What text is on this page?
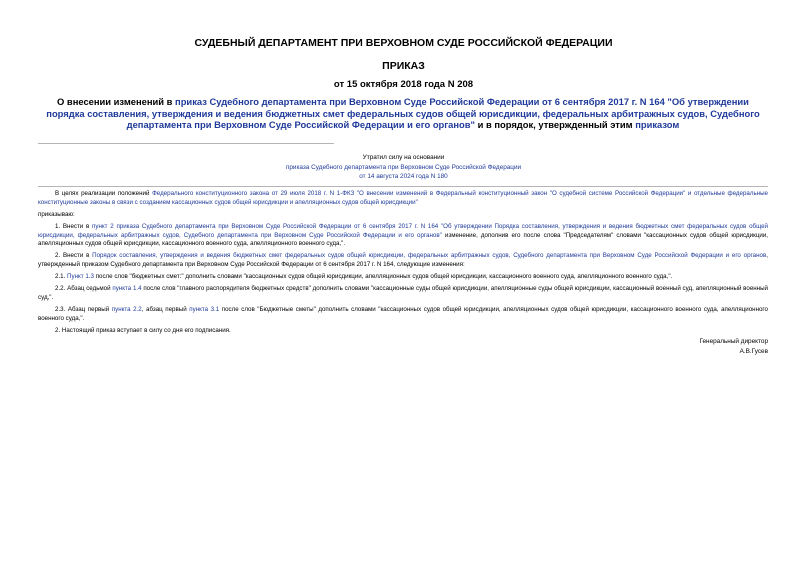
СУДЕБНЫЙ ДЕПАРТАМЕНТ ПРИ ВЕРХОВНОМ СУДЕ РОССИЙСКОЙ ФЕДЕРАЦИИ
ПРИКАЗ
от 15 октября 2018 года N 208
О внесении изменений в приказ Судебного департамента при Верховном Суде Российской Федерации от 6 сентября 2017 г. N 164 "Об утверждении порядка составления, утверждения и ведения бюджетных смет федеральных судов общей юрисдикции, федеральных арбитражных судов, Судебного департамента при Верховном Суде Российской Федерации и его органов" и в порядок, утвержденный этим приказом
Утратил силу на основании
приказа Судебного департамента при Верховном Суде Российской Федерации
от 14 августа 2024 года N 180

В целях реализации положений Федерального конституционного закона от 29 июля 2018 г. N 1-ФКЗ "О внесении изменений в Федеральный конституционный закон "О судебной системе Российской Федерации" и отдельные федеральные конституционные законы в связи с созданием кассационных судов общей юрисдикции и апелляционных судов общей юрисдикции"

приказываю:

1. Внести в пункт 2 приказа Судебного департамента при Верховном Суде Российской Федерации от 6 сентября 2017 г. N 164 "Об утверждении Порядка составления, утверждения и ведения бюджетных смет федеральных судов общей юрисдикции, федеральных арбитражных судов, Судебного департамента при Верховном Суде Российской Федерации и его органов" изменение, дополнив его после слова "Председателям" словами "кассационных судов общей юрисдикции, апелляционных судов общей юрисдикции, кассационного военного суда, апелляционного военного суда,".

2. Внести в Порядок составления, утверждения и ведения бюджетных смет федеральных судов общей юрисдикции, федеральных арбитражных судов, Судебного департамента при Верховном Суде Российской Федерации и его органов, утвержденный приказом Судебного департамента при Верховном Суде Российской Федерации от 6 сентября 2017 г. N 164, следующие изменения:

2.1. Пункт 1.3 после слов "бюджетных смет:" дополнить словами "кассационных судов общей юрисдикции, апелляционных судов общей юрисдикции, кассационного военного суда, апелляционного военного суда,".

2.2. Абзац седьмой пункта 1.4 после слов "главного распорядителя бюджетных средств" дополнить словами "кассационные суды общей юрисдикции, апелляционные суды общей юрисдикции, кассационный военный суд, апелляционный военный суд,".

2.3. Абзац первый пункта 2.2, абзац первый пункта 3.1 после слов "Бюджетные сметы" дополнить словами "кассационных судов общей юрисдикции, апелляционных судов общей юрисдикции, кассационного военного суда, апелляционного военного суда,".

2. Настоящий приказ вступает в силу со дня его подписания.

Генеральный директор
А.В.Гусев
